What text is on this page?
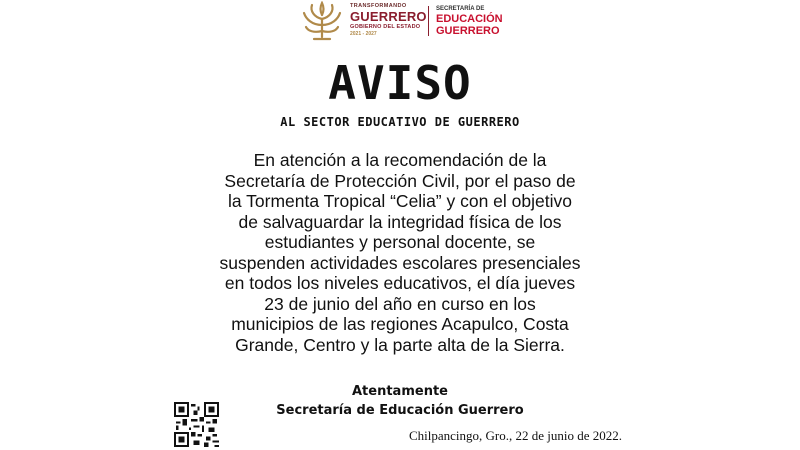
TRANSFORMANDO
GUERRERO
GOBIERNO DEL ESTADO
2021 - 2027
SECRETARÍA DE
EDUCACIÓN
GUERRERO
AVISO
AL SECTOR EDUCATIVO DE GUERRERO
En atención a la recomendación de la
Secretaría de Protección Civil, por el paso de
la Tormenta Tropical “Celia” y con el objetivo
de salvaguardar la integridad física de los
estudiantes y personal docente, se
suspenden actividades escolares presenciales
en todos los niveles educativos, el día jueves
23 de junio del año en curso en los
municipios de las regiones Acapulco, Costa
Grande, Centro y la parte alta de la Sierra.
Atentamente
Secretaría de Educación Guerrero
Chilpancingo, Gro., 22 de junio de 2022.
